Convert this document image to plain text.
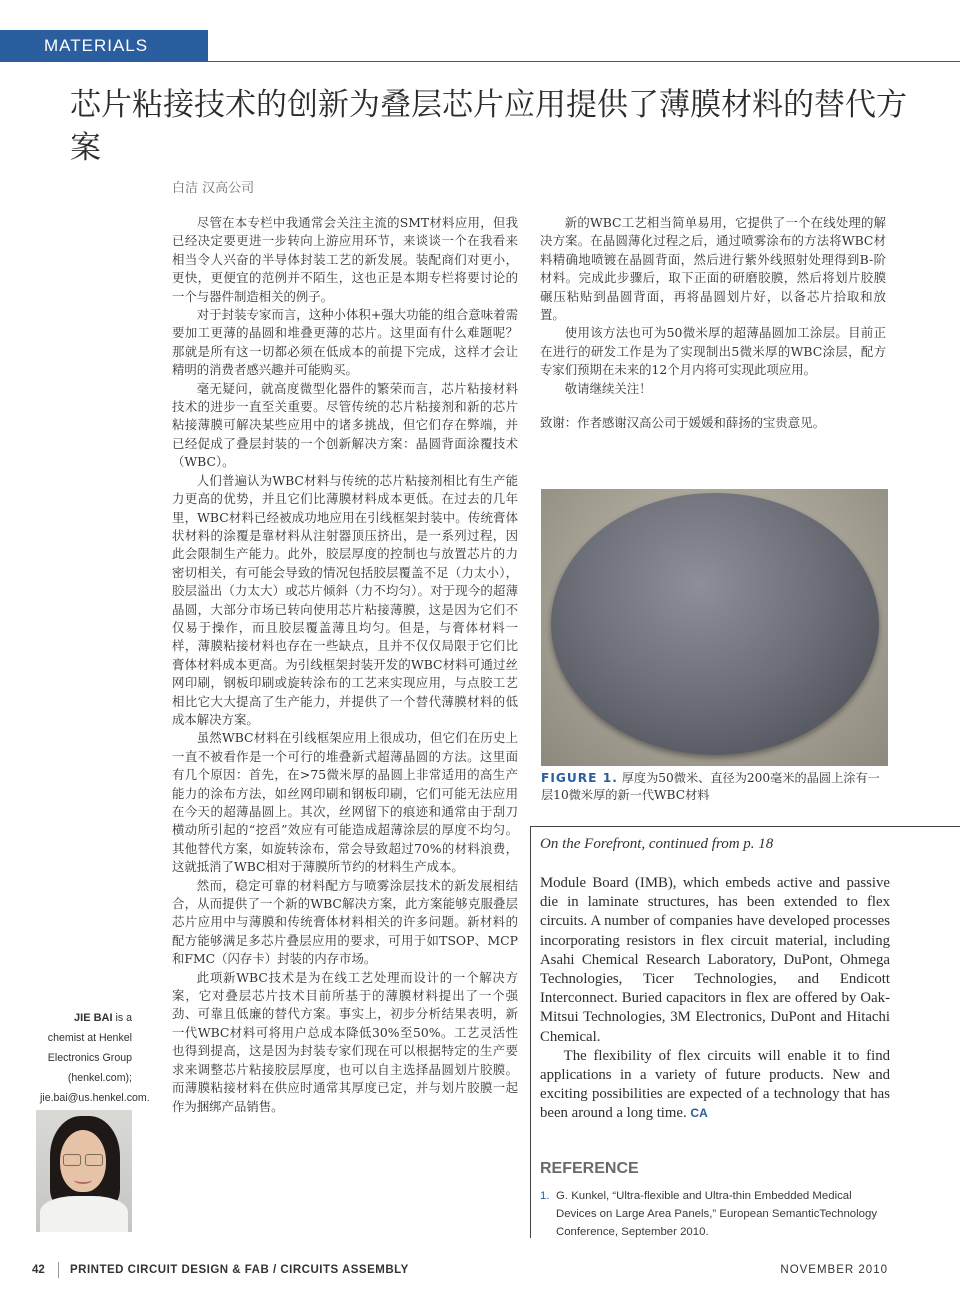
MATERIALS WORLD
芯片粘接技术的创新为叠层芯片应用提供了薄膜材料的替代方案
白洁 汉高公司

尽管在本专栏中我通常会关注主流的SMT材料应用，但我已经决定要更进一步转向上游应用环节，来谈谈一个在我看来相当令人兴奋的半导体封装工艺的新发展。装配商们对更小，更快，更便宜的范例并不陌生，这也正是本期专栏将要讨论的一个与器件制造相关的例子。

对于封装专家而言，这种小体积+强大功能的组合意味着需要加工更薄的晶圆和堆叠更薄的芯片。这里面有什么难题呢？那就是所有这一切都必须在低成本的前提下完成，这样才会让精明的消费者感兴趣并可能购买。

毫无疑问，就高度微型化器件的繁荣而言，芯片粘接材料技术的进步一直至关重要。尽管传统的芯片粘接剂和新的芯片粘接薄膜可解决某些应用中的诸多挑战，但它们存在弊端，并已经促成了叠层封装的一个创新解决方案：晶圆背面涂覆技术（WBC）。

人们普遍认为WBC材料与传统的芯片粘接剂相比有生产能力更高的优势，并且它们比薄膜材料成本更低。在过去的几年里，WBC材料已经被成功地应用在引线框架封装中。传统膏体状材料的涂覆是靠材料从注射器顶压挤出，是一系列过程，因此会限制生产能力。此外，胶层厚度的控制也与放置芯片的力密切相关，有可能会导致的情况包括胶层覆盖不足（力太小），胶层溢出（力太大）或芯片倾斜（力不均匀）。对于现今的超薄晶圆，大部分市场已转向使用芯片粘接薄膜，这是因为它们不仅易于操作，而且胶层覆盖薄且均匀。但是，与膏体材料一样，薄膜粘接材料也存在一些缺点，且并不仅仅局限于它们比膏体材料成本更高。为引线框架封装开发的WBC材料可通过丝网印刷，钢板印刷或旋转涂布的工艺来实现应用，与点胶工艺相比它大大提高了生产能力，并提供了一个替代薄膜材料的低成本解决方案。

虽然WBC材料在引线框架应用上很成功，但它们在历史上一直不被看作是一个可行的堆叠新式超薄晶圆的方法。这里面有几个原因：首先，在>75微米厚的晶圆上非常适用的高生产能力的涂布方法，如丝网印刷和钢板印刷，它们可能无法应用在今天的超薄晶圆上。其次，丝网留下的痕迹和通常由于刮刀横动所引起的“挖舀”效应有可能造成超薄涂层的厚度不均匀。其他替代方案，如旋转涂布，常会导致超过70%的材料浪费，这就抵消了WBC相对于薄膜所节约的材料生产成本。

然而，稳定可靠的材料配方与喷雾涂层技术的新发展相结合，从而提供了一个新的WBC解决方案，此方案能够克服叠层芯片应用中与薄膜和传统膏体材料相关的许多问题。新材料的配方能够满足多芯片叠层应用的要求，可用于如TSOP、MCP和FMC（闪存卡）封装的内存市场。

此项新WBC技术是为在线工艺处理而设计的一个解决方案，它对叠层芯片技术目前所基于的薄膜材料提出了一个强劲、可靠且低廉的替代方案。事实上，初步分析结果表明，新一代WBC材料可将用户总成本降低30%至50%。工艺灵活性也得到提高，这是因为封装专家们现在可以根据特定的生产要求来调整芯片粘接胶层厚度，也可以自主选择晶圆划片胶膜。而薄膜粘接材料在供应时通常其厚度已定，并与划片胶膜一起作为捆绑产品销售。

新的WBC工艺相当简单易用，它提供了一个在线处理的解决方案。在晶圆薄化过程之后，通过喷雾涂布的方法将WBC材料精确地喷镀在晶圆背面，然后进行紫外线照射处理得到B-阶材料。完成此步骤后，取下正面的研磨胶膜，然后将划片胶膜碾压粘贴到晶圆背面，再将晶圆划片好，以备芯片拾取和放置。

使用该方法也可为50微米厚的超薄晶圆加工涂层。目前正在进行的研发工作是为了实现制出5微米厚的WBC涂层，配方专家们预期在未来的12个月内将可实现此项应用。

敬请继续关注！

致谢：作者感谢汉高公司于媛媛和薛扬的宝贵意见。

FIGURE 1. 厚度为50微米、直径为200毫米的晶圆上涂有一层10微米厚的新一代WBC材料
On the Forefront, continued from p. 18

Module Board (IMB), which embeds active and passive die in laminate structures, has been extended to flex circuits. A number of companies have developed processes incorporating resistors in flex circuit material, including Asahi Chemical Research Laboratory, DuPont, Ohmega Technologies, Ticer Technologies, and Endicott Interconnect. Buried capacitors in flex are offered by Oak-Mitsui Technologies, 3M Electronics, DuPont and Hitachi Chemical.

The flexibility of flex circuits will enable it to find applications in a variety of future products. New and exciting possibilities are expected of a technology that has been around a long time. CA

REFERENCE
1. G. Kunkel, “Ultra-flexible and Ultra-thin Embedded Medical Devices on Large Area Panels,” European SemanticTechnology Conference, September 2010.
JIE BAI is a chemist at Henkel Electronics Group (henkel.com); jie.bai@us.henkel.com.
42 PRINTED CIRCUIT DESIGN & FAB / CIRCUITS ASSEMBLY	NOVEMBER 2010
